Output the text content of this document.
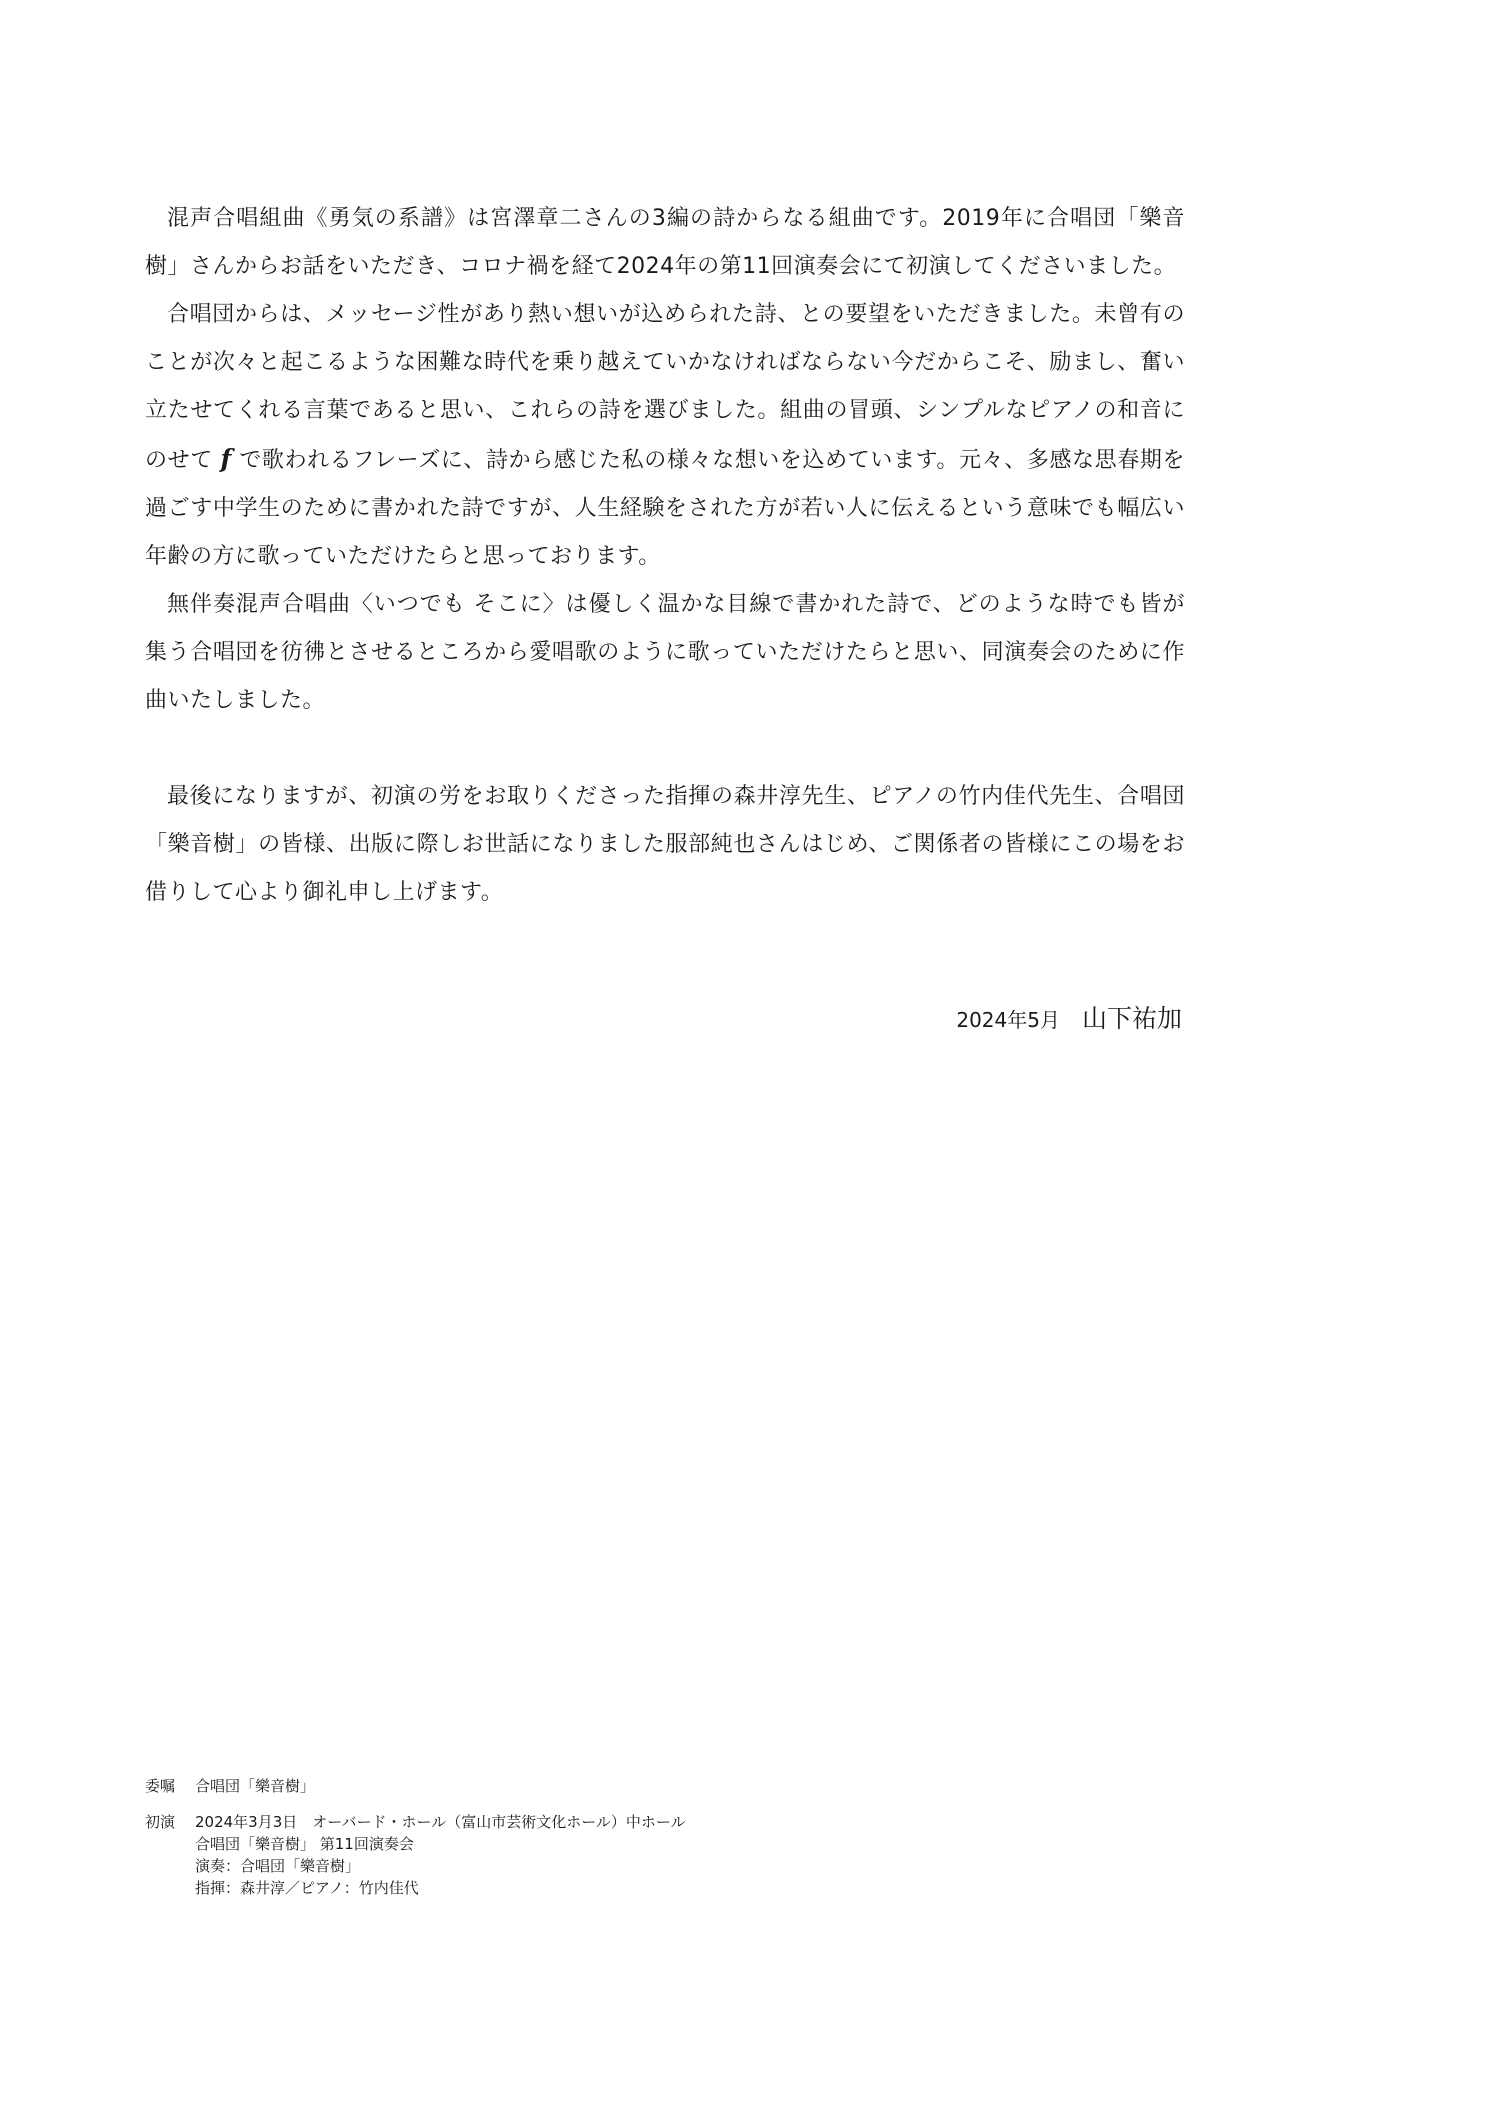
混声合唱組曲《勇気の系譜》は宮澤章二さんの3編の詩からなる組曲です。2019年に合唱団「樂音樹」さんからお話をいただき、コロナ禍を経て2024年の第11回演奏会にて初演してくださいました。

合唱団からは、メッセージ性があり熱い想いが込められた詩、との要望をいただきました。未曾有のことが次々と起こるような困難な時代を乗り越えていかなければならない今だからこそ、励まし、奮い立たせてくれる言葉であると思い、これらの詩を選びました。組曲の冒頭、シンプルなピアノの和音にのせて f で歌われるフレーズに、詩から感じた私の様々な想いを込めています。元々、多感な思春期を過ごす中学生のために書かれた詩ですが、人生経験をされた方が若い人に伝えるという意味でも幅広い年齢の方に歌っていただけたらと思っております。

無伴奏混声合唱曲〈いつでも そこに〉は優しく温かな目線で書かれた詩で、どのような時でも皆が集う合唱団を彷彿とさせるところから愛唱歌のように歌っていただけたらと思い、同演奏会のために作曲いたしました。

最後になりますが、初演の労をお取りくださった指揮の森井淳先生、ピアノの竹内佳代先生、合唱団「樂音樹」の皆様、出版に際しお世話になりました服部純也さんはじめ、ご関係者の皆様にこの場をお借りして心より御礼申し上げます。

2024年5月 山下祐加
委嘱	合唱団「樂音樹」
初演	2024年3月3日　オーバード・ホール（富山市芸術文化ホール）中ホール
合唱団「樂音樹」 第11回演奏会
演奏：合唱団「樂音樹」
指揮：森井淳／ピアノ：竹内佳代
